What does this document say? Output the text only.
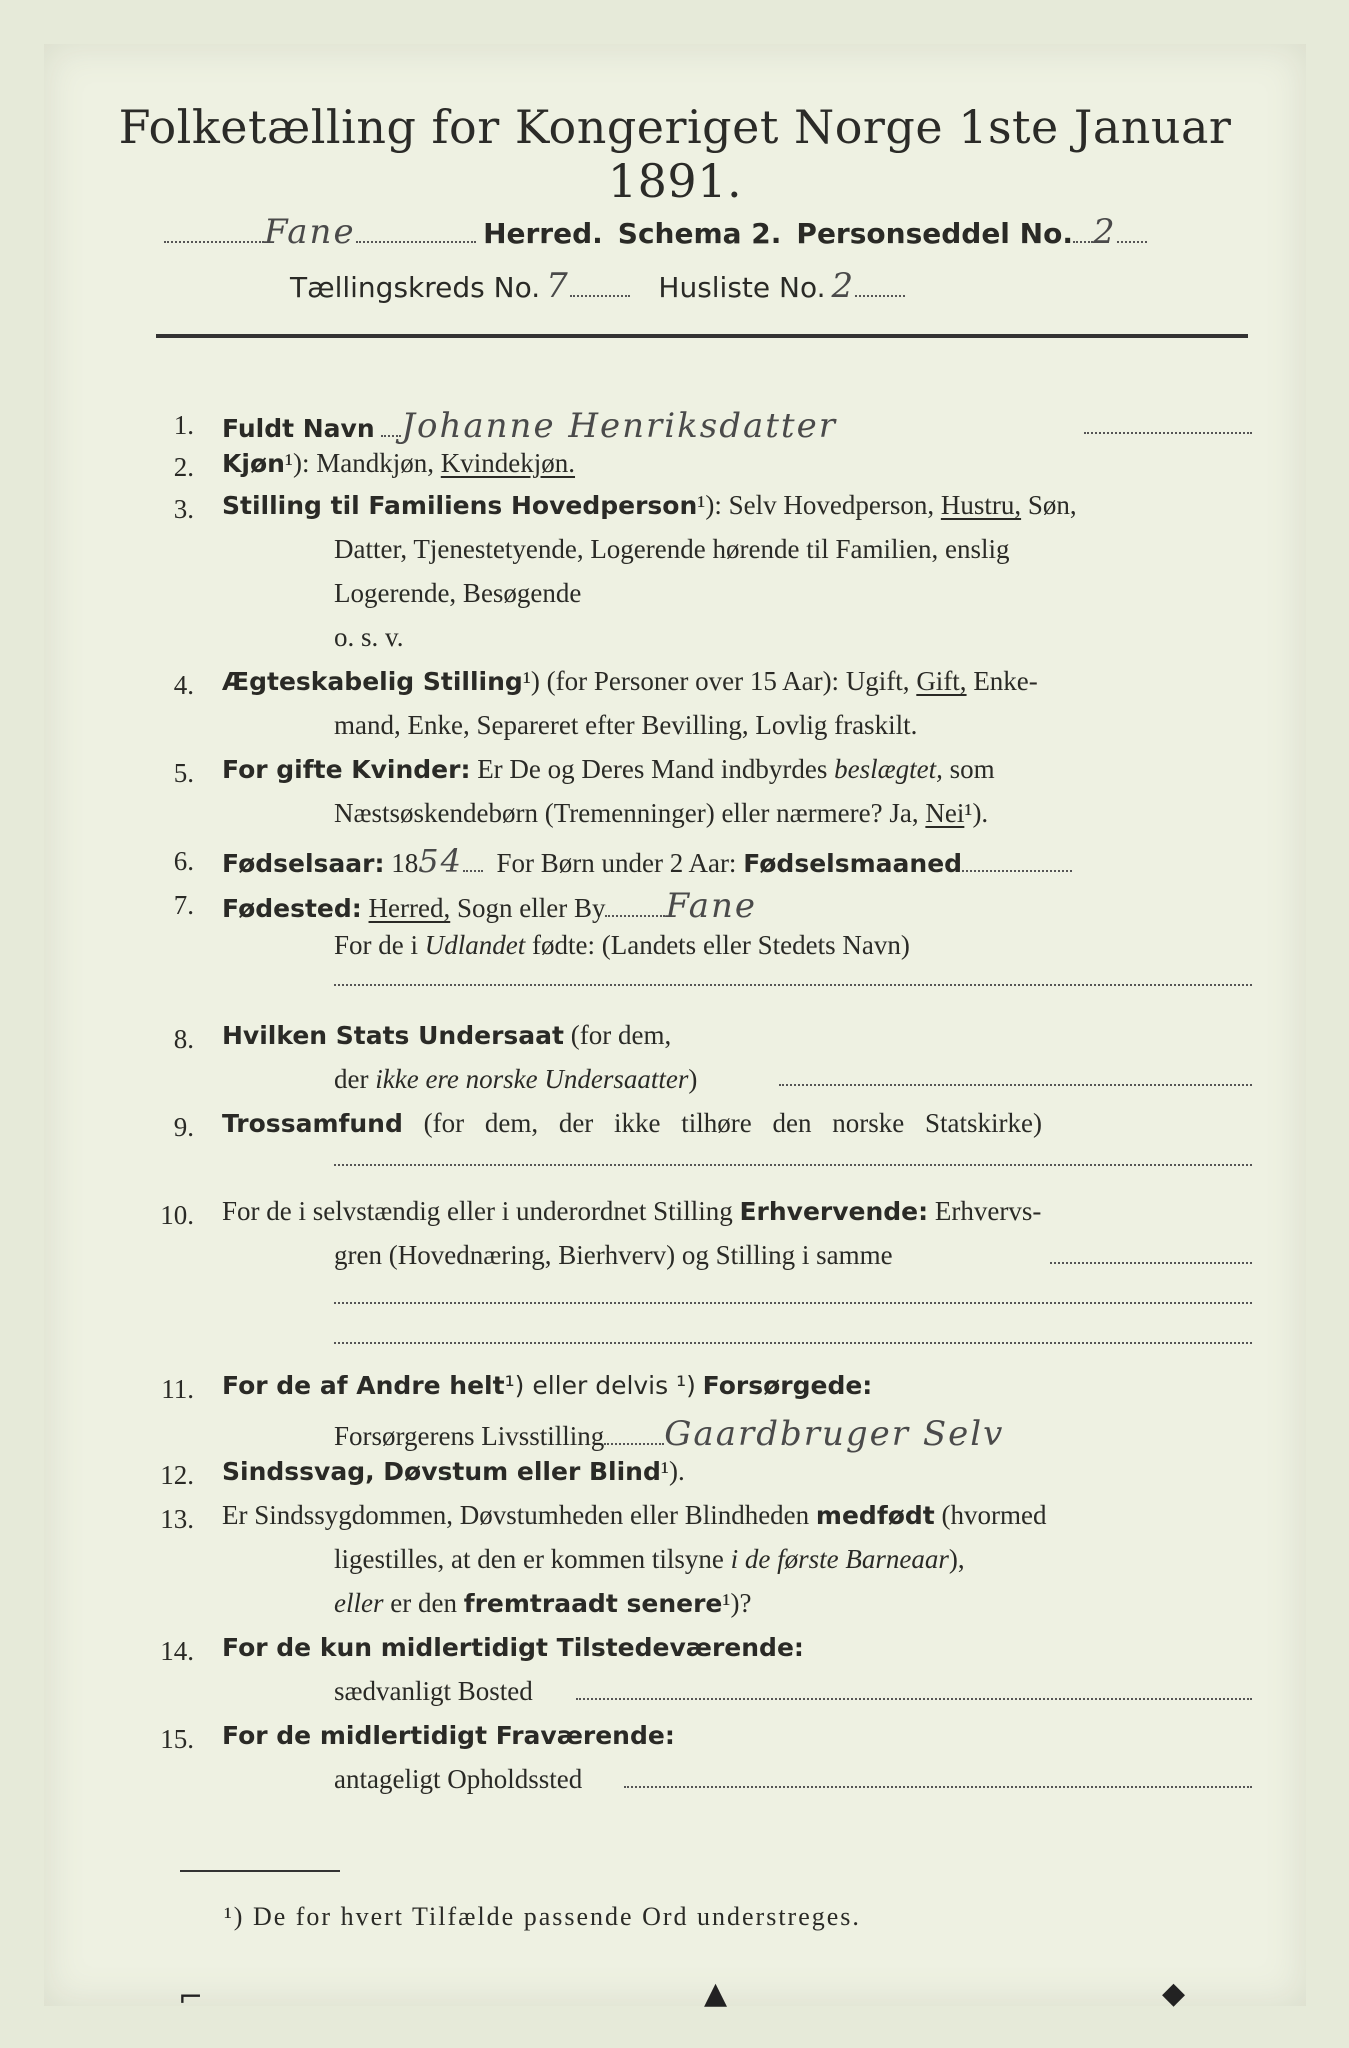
Folketælling for Kongeriget Norge 1ste Januar 1891.
Fane	Herred. Schema 2. Personseddel No. 2
Tællingskreds No. 7	Husliste No. 2
1. Fuldt Navn Johanne Henriksdatter
2. Kjøn¹): Mandkjøn, Kvindekjøn.
3. Stilling til Familiens Hovedperson¹): Selv Hovedperson, Hustru, Søn,
Datter, Tjenestetyende, Logerende hørende til Familien, enslig
Logerende, Besøgende
o. s. v.
4. Ægteskabelig Stilling¹) (for Personer over 15 Aar): Ugift, Gift, Enke-
mand, Enke, Separeret efter Bevilling, Lovlig fraskilt.
5. For gifte Kvinder: Er De og Deres Mand indbyrdes beslægtet, som
Næstsøskendebørn (Tremenninger) eller nærmere? Ja, Nei¹).
6. Fødselsaar: 1854 For Børn under 2 Aar: Fødselsmaaned
7. Fødested: Herred, Sogn eller By Fane
For de i Udlandet fødte: (Landets eller Stedets Navn)
8. Hvilken Stats Undersaat (for dem,
der ikke ere norske Undersaatter)
9. Trossamfund (for dem, der ikke tilhøre den norske Statskirke)
10. For de i selvstændig eller i underordnet Stilling Erhvervende: Erhvervs-
gren (Hovednæring, Bierhverv) og Stilling i samme
11. For de af Andre helt¹) eller delvis ¹) Forsørgede:
Forsørgerens Livsstilling Gaardbruger Selv
12. Sindssvag, Døvstum eller Blind¹).
13. Er Sindssygdommen, Døvstumheden eller Blindheden medfødt (hvormed
ligestilles, at den er kommen tilsyne i de første Barneaar),
eller er den fremtraadt senere¹)?
14. For de kun midlertidigt Tilstedeværende:
sædvanligt Bosted
15. For de midlertidigt Fraværende:
antageligt Opholdssted
¹) De for hvert Tilfælde passende Ord understreges.
⌐	▲	◆
